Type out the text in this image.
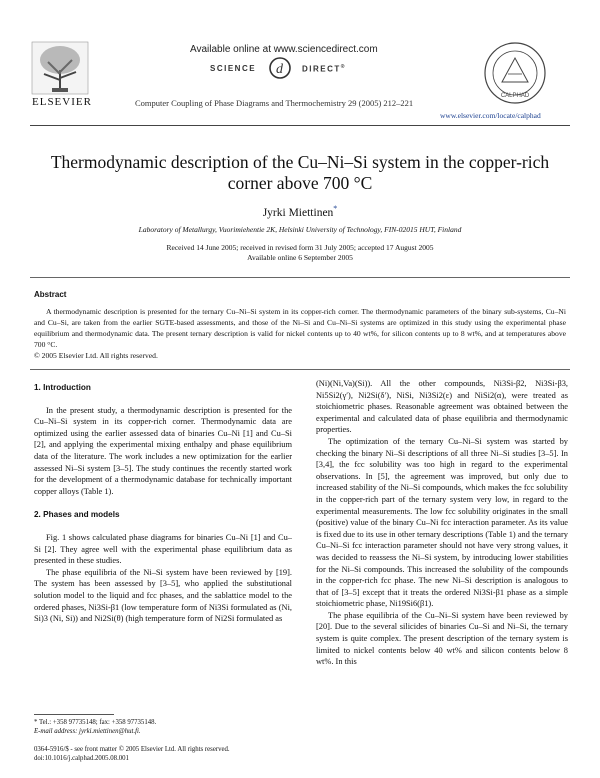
ELSEVIER
Available online at www.sciencedirect.com
SCIENCE d DIRECT®
Computer Coupling of Phase Diagrams and Thermochemistry 29 (2005) 212–221
www.elsevier.com/locate/calphad
CALPHAD
Thermodynamic description of the Cu–Ni–Si system in the copper-rich
corner above 700 °C
Jyrki Miettinen*
Laboratory of Metallurgy, Vuorimiehentie 2K, Helsinki University of Technology, FIN-02015 HUT, Finland
Received 14 June 2005; received in revised form 31 July 2005; accepted 17 August 2005
Available online 6 September 2005
Abstract
A thermodynamic description is presented for the ternary Cu–Ni–Si system in its copper-rich corner. The thermodynamic parameters of the binary sub-systems, Cu–Ni and Cu–Si, are taken from the earlier SGTE-based assessments, and those of the Ni–Si and Cu–Ni–Si systems are optimized in this study using the experimental phase equilibrium and thermodynamic data. The present ternary description is valid for nickel contents up to 40 wt%, for silicon contents up to 8 wt%, and at temperatures above 700 °C.
© 2005 Elsevier Ltd. All rights reserved.
1. Introduction

In the present study, a thermodynamic description is presented for the Cu–Ni–Si system in its copper-rich corner. Thermodynamic data are optimized using the earlier assessed data of binaries Cu–Ni [1] and Cu–Si [2], and applying the experimental mixing enthalpy and phase equilibrium data of the literature. The work includes a new optimization for the earlier assessed Ni–Si system [3–5]. The study continues the recently started work for the development of a thermodynamic database for technically important copper alloys (Table 1).

2. Phases and models

Fig. 1 shows calculated phase diagrams for binaries Cu–Ni [1] and Cu–Si [2]. They agree well with the experimental phase equilibrium data as presented in these studies.

The phase equilibria of the Ni–Si system have been reviewed by [19]. The system has been assessed by [3–5], who applied the substitutional solution model to the liquid and fcc phases, and the sablattice model to the ordered phases, Ni3Si-β1 (low temperature form of Ni3Si formulated as (Ni, Si)3 (Ni, Si)) and Ni2Si(θ) (high temperature form of Ni2Si formulated as

(Ni)(Ni,Va)(Si)). All the other compounds, Ni3Si-β2, Ni3Si-β3, Ni5Si2(γ′), Ni2Si(δ′), NiSi, Ni3Si2(ε) and NiSi2(α), were treated as stoichiometric phases. Reasonable agreement was obtained between the experimental and calculated data of phase equilibria and thermodynamic properties.

The optimization of the ternary Cu–Ni–Si system was started by checking the binary Ni–Si descriptions of all three Ni–Si studies [3–5]. In [3,4], the fcc solubility was too high in regard to the experimental observations. In [5], the agreement was improved, but only due to increased stability of the Ni–Si compounds, which makes the fcc solubility in the copper-rich part of the ternary system very low, in regard to the experimental measurements. The low fcc solubility originates in the small (positive) value of the binary Cu–Ni fcc interaction parameter. As its value is fixed due to its use in other ternary descriptions (Table 1) and the ternary Cu–Ni–Si fcc interaction parameter should not have very strong values, it was decided to reassess the Ni–Si system, by introducing lower stabilities for the Ni–Si compounds. This increased the solubility of the compounds in the copper-rich fcc phase. The new Ni–Si description is analogous to that of [3–5] except that it treats the ordered Ni3Si-β1 phase as a simple stoichiometric phase, Ni19Si6(β1).

The phase equilibria of the Cu–Ni–Si system have been reviewed by [20]. Due to the several silicides of binaries Cu–Si and Ni–Si, the ternary system is quite complex. The present description of the ternary system is limited to nickel contents below 40 wt% and silicon contents below 8 wt%. In this

* Tel.: +358 97735148; fax: +358 97735148.
E-mail address: jyrki.miettinen@hut.fi.
0364-5916/$ - see front matter © 2005 Elsevier Ltd. All rights reserved.
doi:10.1016/j.calphad.2005.08.001
